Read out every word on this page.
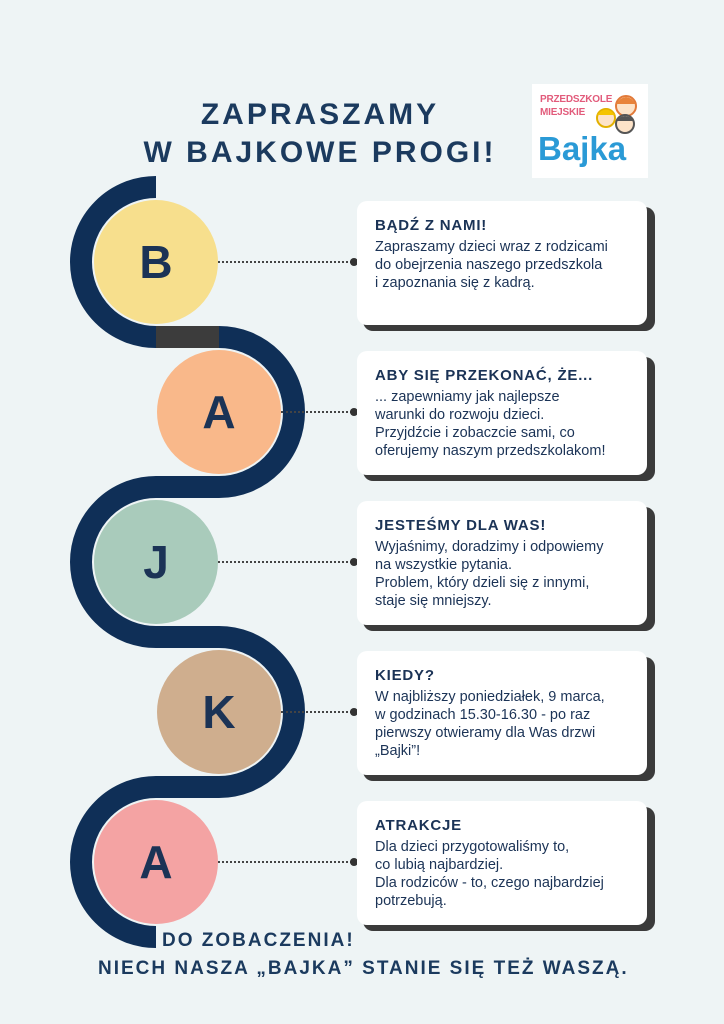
ZAPRASZAMY
W BAJKOWE PROGI!
PRZEDSZKOLE
MIEJSKIE
Bajka
B
A
J
K
A
BĄDŹ Z NAMI!
Zapraszamy dzieci wraz z rodzicami
do obejrzenia naszego przedszkola
i zapoznania się z kadrą.
ABY SIĘ PRZEKONAĆ, ŻE...
... zapewniamy jak najlepsze
warunki do rozwoju dzieci.
Przyjdźcie i zobaczcie sami, co
oferujemy naszym przedszkolakom!
JESTEŚMY DLA WAS!
Wyjaśnimy, doradzimy i odpowiemy
na wszystkie pytania.
Problem, który dzieli się z innymi,
staje się mniejszy.
KIEDY?
W najbliższy poniedziałek, 9 marca,
w godzinach 15.30-16.30 - po raz
pierwszy otwieramy dla Was drzwi
„Bajki”!
ATRAKCJE
Dla dzieci przygotowaliśmy to,
co lubią najbardziej.
Dla rodziców - to, czego najbardziej
potrzebują.
DO ZOBACZENIA!
NIECH NASZA „BAJKA” STANIE SIĘ TEŻ WASZĄ.
